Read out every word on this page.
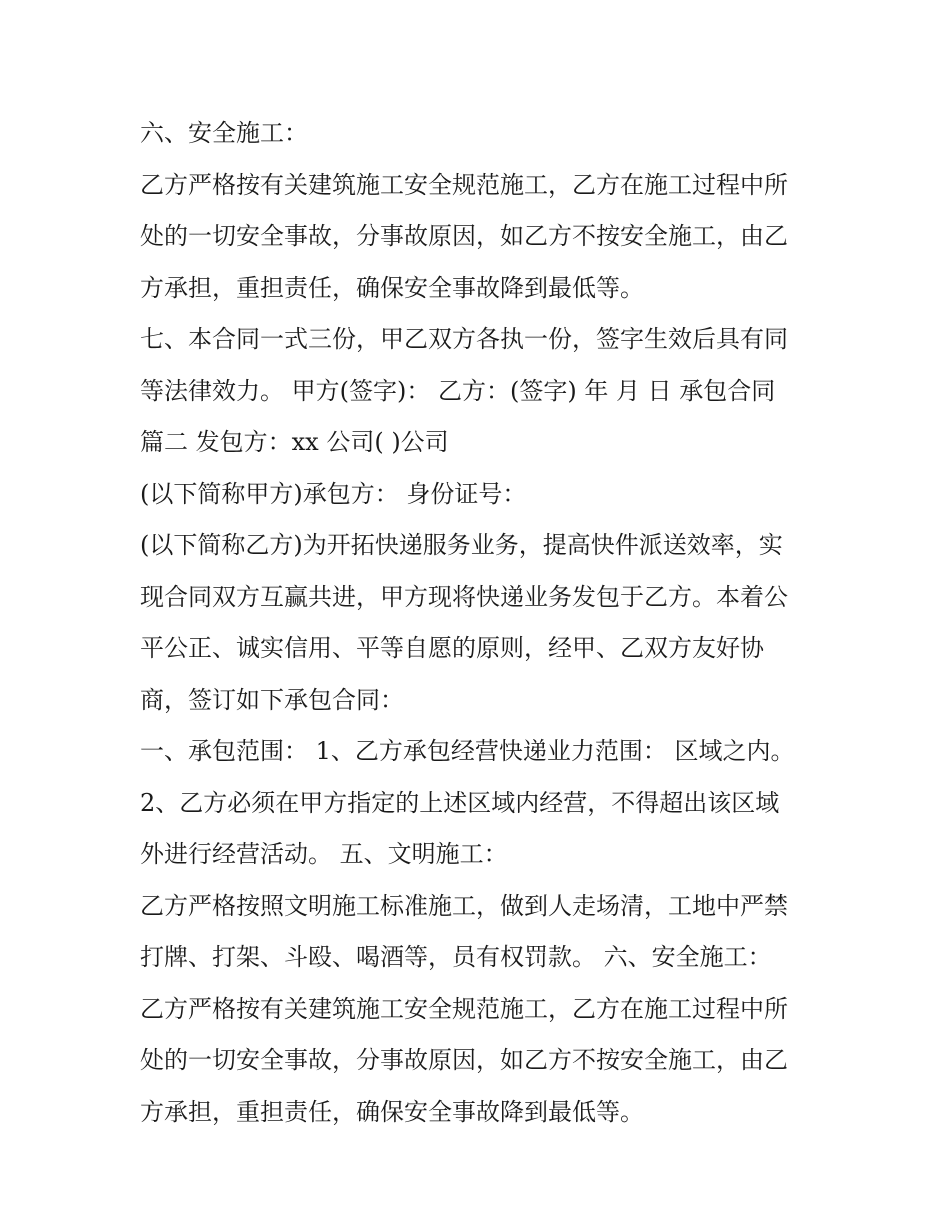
六、安全施工：

乙方严格按有关建筑施工安全规范施工，乙方在施工过程中所

处的一切安全事故，分事故原因，如乙方不按安全施工，由乙

方承担，重担责任，确保安全事故降到最低等。

七、本合同一式三份，甲乙双方各执一份，签字生效后具有同

等法律效力。 甲方(签字)： 乙方：(签字) 年 月 日 承包合同

篇二 发包方：xx 公司( )公司

(以下简称甲方)承包方： 身份证号：

(以下简称乙方)为开拓快递服务业务，提高快件派送效率，实

现合同双方互赢共进，甲方现将快递业务发包于乙方。本着公

平公正、诚实信用、平等自愿的原则，经甲、乙双方友好协

商，签订如下承包合同：

一、承包范围： 1、乙方承包经营快递业力范围： 区域之内。

2、乙方必须在甲方指定的上述区域内经营，不得超出该区域

外进行经营活动。 五、文明施工：

乙方严格按照文明施工标准施工，做到人走场清，工地中严禁

打牌、打架、斗殴、喝酒等，员有权罚款。 六、安全施工：

乙方严格按有关建筑施工安全规范施工，乙方在施工过程中所

处的一切安全事故，分事故原因，如乙方不按安全施工，由乙

方承担，重担责任，确保安全事故降到最低等。
